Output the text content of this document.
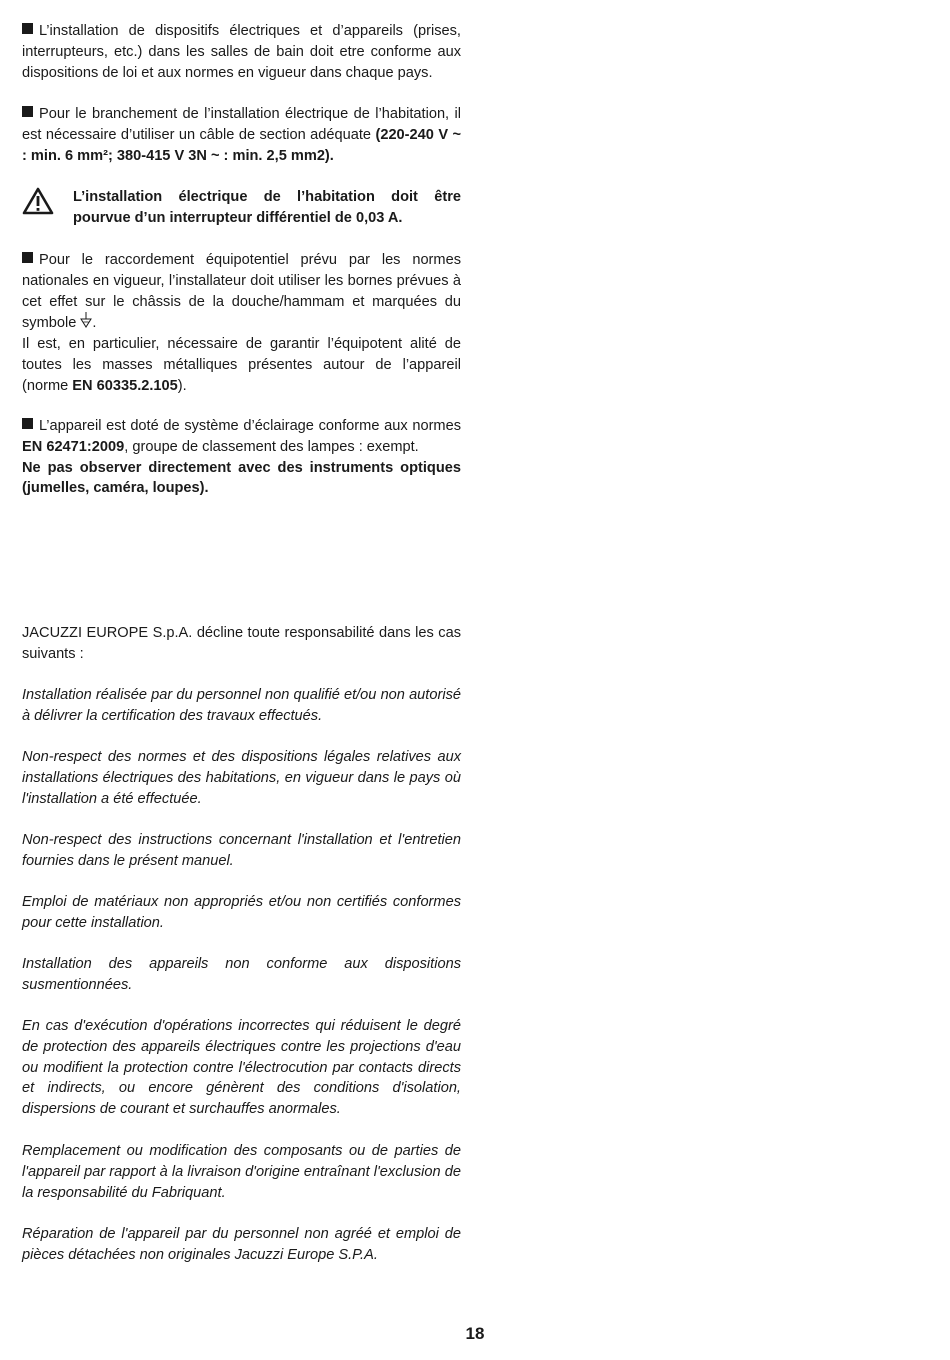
L’installation de dispositifs électriques et d’appareils (prises, interrupteurs, etc.) dans les salles de bain doit etre conforme aux dispositions de loi et aux normes en vigueur dans chaque pays.

Pour le branchement de l’installation électrique de l’habitation, il est nécessaire d’utiliser un câble de section adéquate (220-240 V ~ : min. 6 mm²; 380-415 V 3N ~ : min. 2,5 mm2).

L’installation électrique de l’habitation doit être pourvue d’un interrupteur différentiel de 0,03 A.

Pour le raccordement équipotentiel prévu par les normes nationales en vigueur, l’installateur doit utiliser les bornes prévues à cet effet sur le châssis de la douche/hammam et marquées du symbole .

Il est, en particulier, nécessaire de garantir l’équipotent alité de toutes les masses métalliques présentes autour de l’appareil (norme EN 60335.2.105).

L’appareil est doté de système d’éclairage conforme aux normes EN 62471:2009, groupe de classement des lampes : exempt.

Ne pas observer directement avec des instruments optiques (jumelles, caméra, loupes).

JACUZZI EUROPE S.p.A. décline toute responsabilité dans les cas suivants :

Installation réalisée par du personnel non qualifié et/ou non autorisé à délivrer la certification des travaux effectués.

Non-respect des normes et des dispositions légales relatives aux installations électriques des habitations, en vigueur dans le pays où l'installation a été effectuée.

Non-respect des instructions concernant l'installation et l'entretien fournies dans le présent manuel.

Emploi de matériaux non appropriés et/ou non certifiés conformes pour cette installation.

Installation des appareils non conforme aux dispositions susmentionnées.

En cas d'exécution d'opérations incorrectes qui réduisent le degré de protection des appareils électriques contre les projections d'eau ou modifient la protection contre l'électrocution par contacts directs et indirects, ou encore génèrent des conditions d'isolation, dispersions de courant et surchauffes anormales.

Remplacement ou modification des composants ou de parties de l'appareil par rapport à la livraison d'origine entraînant l'exclusion de la responsabilité du Fabriquant.

Réparation de l'appareil par du personnel non agréé et emploi de pièces détachées non originales Jacuzzi Europe S.P.A.

18
